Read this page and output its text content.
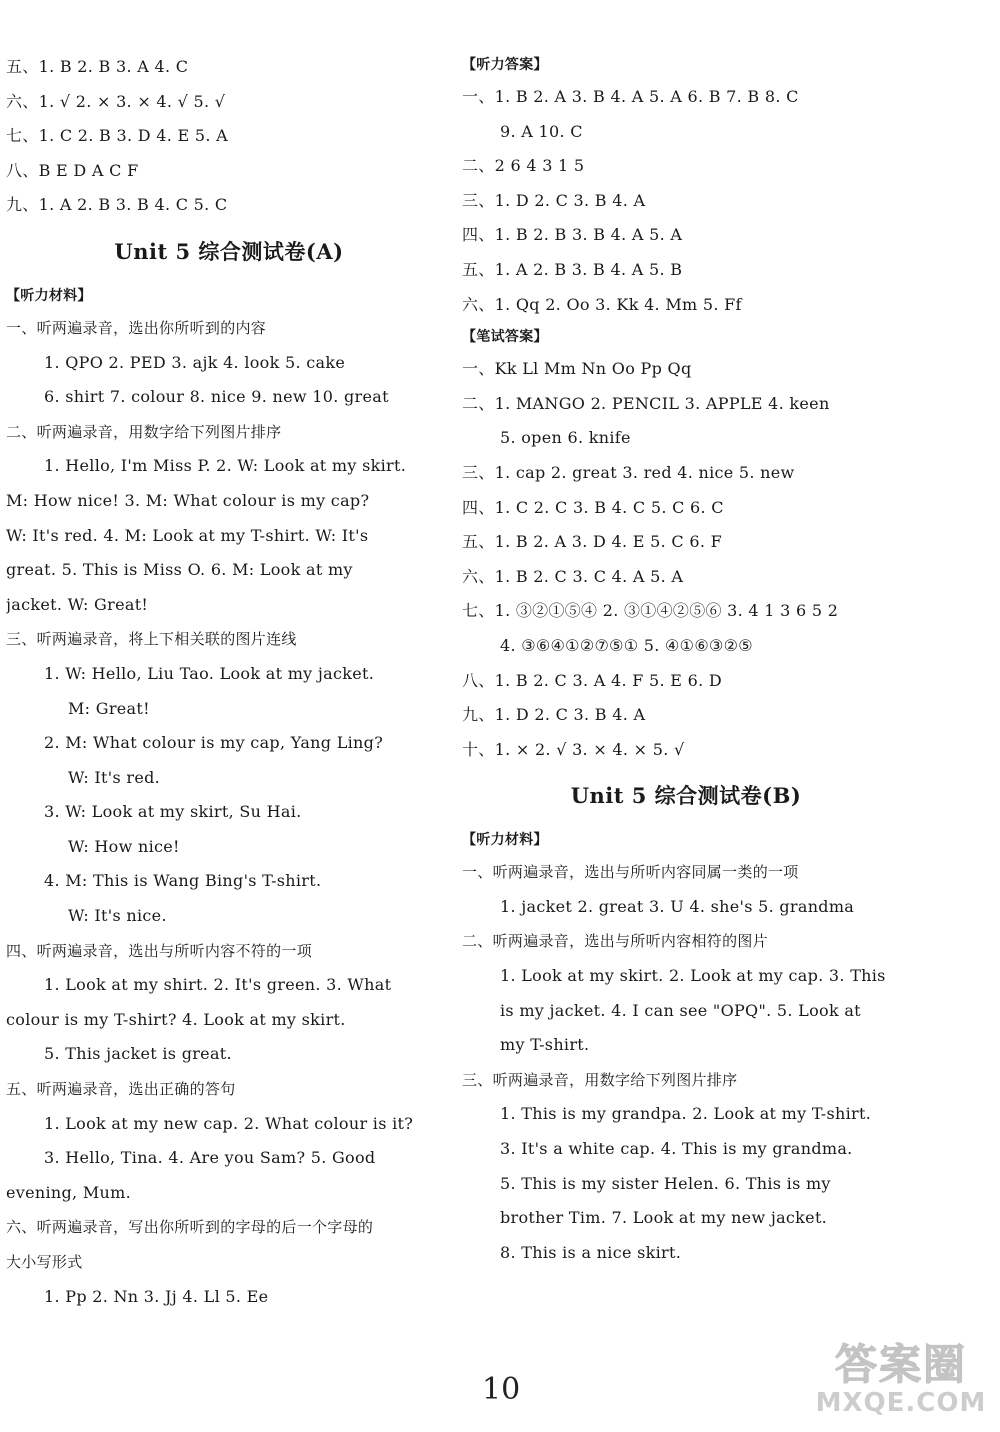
五、1. B 2. B 3. A 4. C
六、1. √ 2. × 3. × 4. √ 5. √
七、1. C 2. B 3. D 4. E 5. A
八、B E D A C F
九、1. A 2. B 3. B 4. C 5. C
Unit 5 综合测试卷(A)
【听力材料】
一、听两遍录音，选出你所听到的内容
1. QPO 2. PED 3. ajk 4. look 5. cake
6. shirt 7. colour 8. nice 9. new 10. great
二、听两遍录音，用数字给下列图片排序
1. Hello, I'm Miss P. 2. W: Look at my skirt.
M: How nice! 3. M: What colour is my cap?
W: It's red. 4. M: Look at my T-shirt. W: It's
great. 5. This is Miss O. 6. M: Look at my
jacket. W: Great!
三、听两遍录音，将上下相关联的图片连线
1. W: Hello, Liu Tao. Look at my jacket.
M: Great!
2. M: What colour is my cap, Yang Ling?
W: It's red.
3. W: Look at my skirt, Su Hai.
W: How nice!
4. M: This is Wang Bing's T-shirt.
W: It's nice.
四、听两遍录音，选出与所听内容不符的一项
1. Look at my shirt. 2. It's green. 3. What
colour is my T-shirt? 4. Look at my skirt.
5. This jacket is great.
五、听两遍录音，选出正确的答句
1. Look at my new cap. 2. What colour is it?
3. Hello, Tina. 4. Are you Sam? 5. Good
evening, Mum.
六、听两遍录音，写出你所听到的字母的后一个字母的
大小写形式
1. Pp 2. Nn 3. Jj 4. Ll 5. Ee
【听力答案】
一、1. B 2. A 3. B 4. A 5. A 6. B 7. B 8. C
9. A 10. C
二、2 6 4 3 1 5
三、1. D 2. C 3. B 4. A
四、1. B 2. B 3. B 4. A 5. A
五、1. A 2. B 3. B 4. A 5. B
六、1. Qq 2. Oo 3. Kk 4. Mm 5. Ff
【笔试答案】
一、Kk Ll Mm Nn Oo Pp Qq
二、1. MANGO 2. PENCIL 3. APPLE 4. keen
5. open 6. knife
三、1. cap 2. great 3. red 4. nice 5. new
四、1. C 2. C 3. B 4. C 5. C 6. C
五、1. B 2. A 3. D 4. E 5. C 6. F
六、1. B 2. C 3. C 4. A 5. A
七、1. ③②①⑤④ 2. ③①④②⑤⑥ 3. 4 1 3 6 5 2
4. ③⑥④①②⑦⑤① 5. ④①⑥③②⑤
八、1. B 2. C 3. A 4. F 5. E 6. D
九、1. D 2. C 3. B 4. A
十、1. × 2. √ 3. × 4. × 5. √
Unit 5 综合测试卷(B)
【听力材料】
一、听两遍录音，选出与所听内容同属一类的一项
1. jacket 2. great 3. U 4. she's 5. grandma
二、听两遍录音，选出与所听内容相符的图片
1. Look at my skirt. 2. Look at my cap. 3. This
is my jacket. 4. I can see "OPQ". 5. Look at
my T-shirt.
三、听两遍录音，用数字给下列图片排序
1. This is my grandpa. 2. Look at my T-shirt.
3. It's a white cap. 4. This is my grandma.
5. This is my sister Helen. 6. This is my
brother Tim. 7. Look at my new jacket.
8. This is a nice skirt.
10
答案圈
MXQE.COM
